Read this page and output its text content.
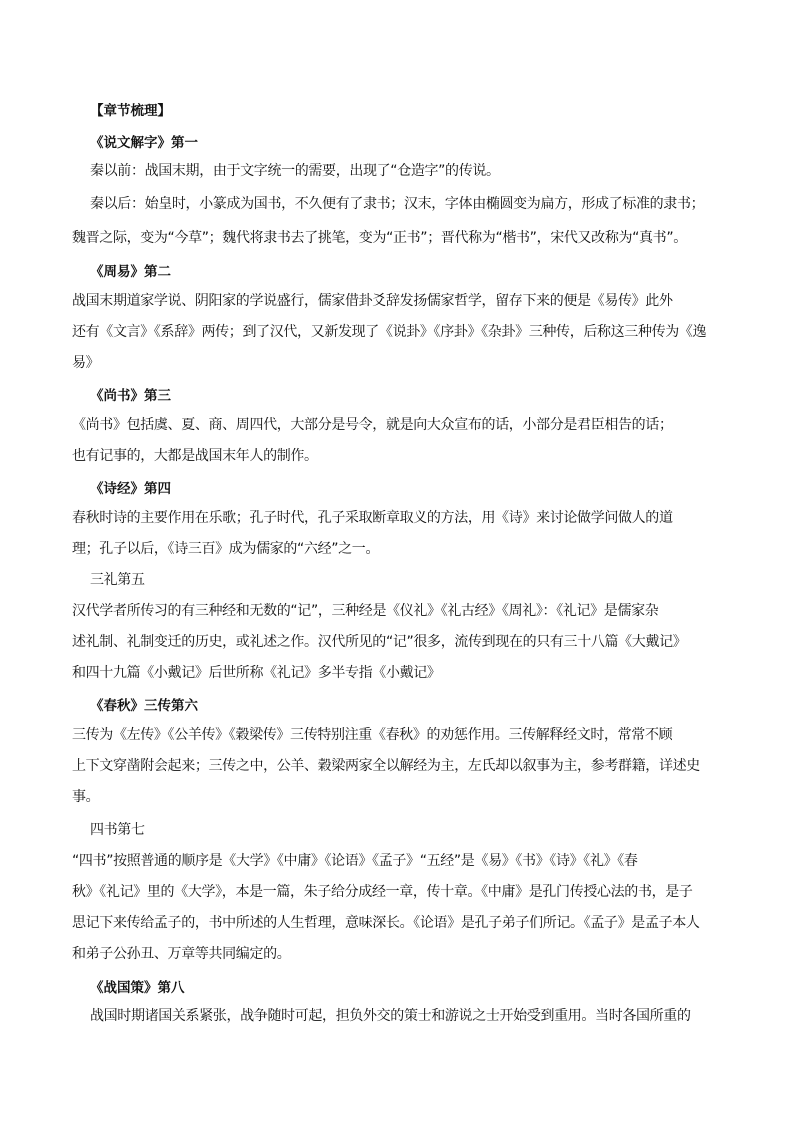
【章节梳理】
《说文解字》第一
秦以前：战国末期，由于文字统一的需要，出现了“仓造字”的传说。
秦以后：始皇时，小篆成为国书，不久便有了隶书；汉末，字体由椭圆变为扁方，形成了标准的隶书；
魏晋之际，变为“今草”；魏代将隶书去了挑笔，变为“正书”；晋代称为“楷书”，宋代又改称为“真书”。
《周易》第二
战国末期道家学说、阴阳家的学说盛行，儒家借卦爻辞发扬儒家哲学，留存下来的便是《易传》此外
还有《文言》《系辞》两传；到了汉代，又新发现了《说卦》《序卦》《杂卦》三种传，后称这三种传为《逸
易》
《尚书》第三
《尚书》包括虞、夏、商、周四代，大部分是号令，就是向大众宣布的话，小部分是君臣相告的话；
也有记事的，大都是战国末年人的制作。
《诗经》第四
春秋时诗的主要作用在乐歌；孔子时代，孔子采取断章取义的方法，用《诗》来讨论做学问做人的道
理；孔子以后，《诗三百》成为儒家的“六经”之一。
三礼第五
汉代学者所传习的有三种经和无数的“记”，三种经是《仪礼》《礼古经》《周礼》：《礼记》是儒家杂
述礼制、礼制变迁的历史，或礼述之作。汉代所见的“记”很多，流传到现在的只有三十八篇《大戴记》
和四十九篇《小戴记》后世所称《礼记》多半专指《小戴记》
《春秋》三传第六
三传为《左传》《公羊传》《穀梁传》三传特别注重《春秋》的劝惩作用。三传解释经文时，常常不顾
上下文穿凿附会起来；三传之中，公羊、穀梁两家全以解经为主，左氏却以叙事为主，参考群籍，详述史
事。
四书第七
“四书”按照普通的顺序是《大学》《中庸》《论语》《孟子》“五经”是《易》《书》《诗》《礼》《春
秋》《礼记》里的《大学》，本是一篇，朱子给分成经一章，传十章。《中庸》是孔门传授心法的书，是子
思记下来传给孟子的，书中所述的人生哲理，意味深长。《论语》是孔子弟子们所记。《孟子》是孟子本人
和弟子公孙丑、万章等共同编定的。
《战国策》第八
战国时期诸国关系紧张，战争随时可起，担负外交的策士和游说之士开始受到重用。当时各国所重的
